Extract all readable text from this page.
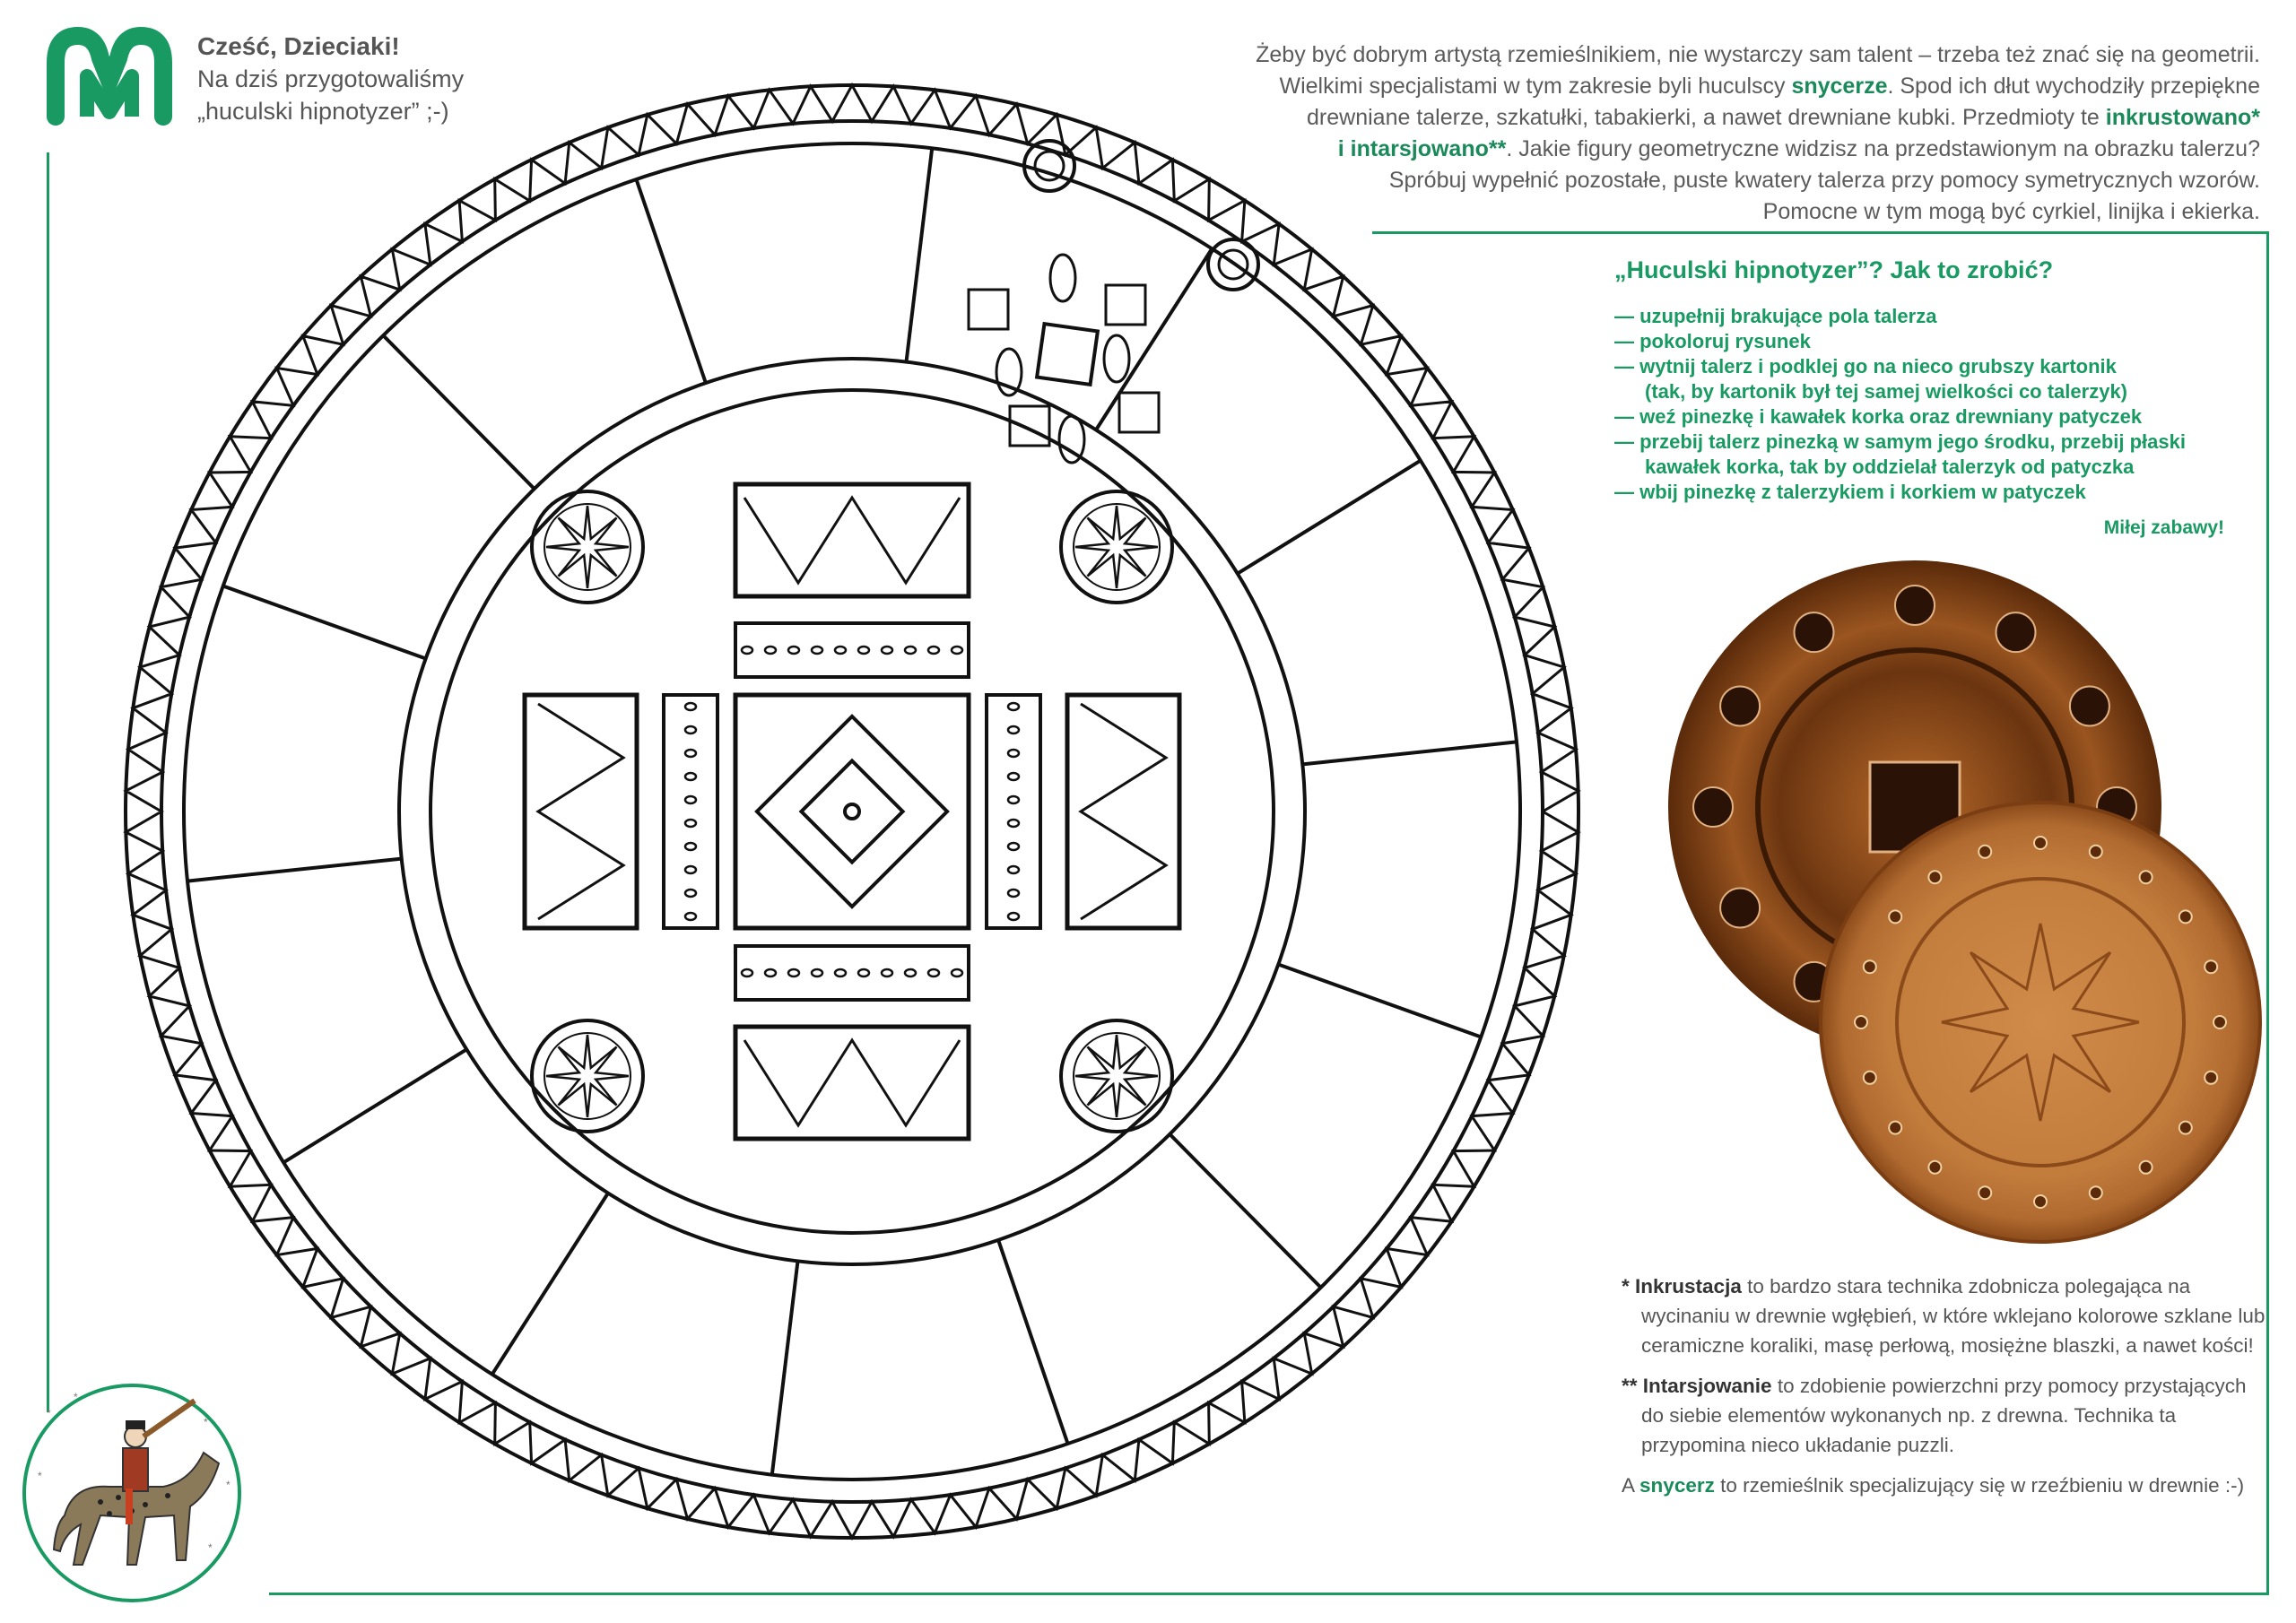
Cześć, Dzieciaki!
Na dziś przygotowaliśmy
„huculski hipnotyzer” ;-)
Żeby być dobrym artystą rzemieślnikiem, nie wystarczy sam talent – trzeba też znać się na geometrii.
Wielkimi specjalistami w tym zakresie byli huculscy snycerze. Spod ich dłut wychodziły przepiękne
drewniane talerze, szkatułki, tabakierki, a nawet drewniane kubki. Przedmioty te inkrustowano*
i intarsjowano**. Jakie figury geometryczne widzisz na przedstawionym na obrazku talerzu?
Spróbuj wypełnić pozostałe, puste kwatery talerza przy pomocy symetrycznych wzorów.
Pomocne w tym mogą być cyrkiel, linijka i ekierka.
„Huculski hipnotyzer”? Jak to zrobić?
— uzupełnij brakujące pola talerza
— pokoloruj rysunek
— wytnij talerz i podklej go na nieco grubszy kartonik
(tak, by kartonik był tej samej wielkości co talerzyk)
— weź pinezkę i kawałek korka oraz drewniany patyczek
— przebij talerz pinezką w samym jego środku, przebij płaski
kawałek korka, tak by oddzielał talerzyk od patyczka
— wbij pinezkę z talerzykiem i korkiem w patyczek
Miłej zabawy!

* Inkrustacja to bardzo stara technika zdobnicza polegająca na wycinaniu w drewnie wgłębień, w które wklejano kolorowe szklane lub ceramiczne koraliki, masę perłową, mosiężne blaszki, a nawet kości!

** Intarsjowanie to zdobienie powierzchni przy pomocy przystających do siebie elementów wykonanych np. z drewna. Technika ta przypomina nieco układanie puzzli.

A snycerz to rzemieślnik specjalizujący się w rzeźbieniu w drewnie :-)

*
*
*
*
*
*
